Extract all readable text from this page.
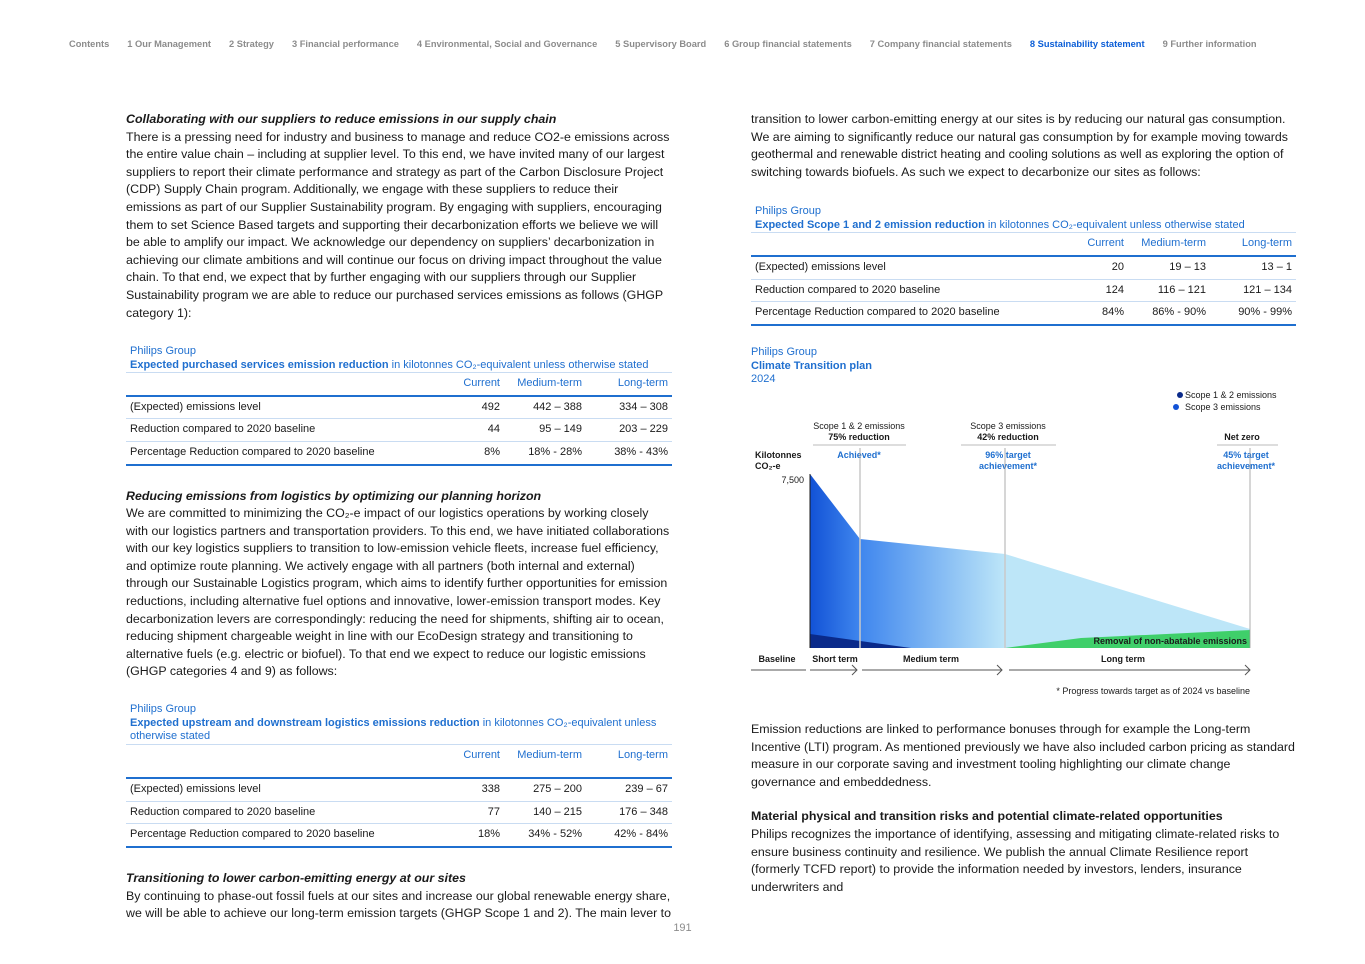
Contents 1 Our Management 2 Strategy 3 Financial performance 4 Environmental, Social and Governance 5 Supervisory Board 6 Group financial statements 7 Company financial statements 8 Sustainability statement 9 Further information
Collaborating with our suppliers to reduce emissions in our supply chain

There is a pressing need for industry and business to manage and reduce CO2-e emissions across the entire value chain – including at supplier level. To this end, we have invited many of our largest suppliers to report their climate performance and strategy as part of the Carbon Disclosure Project (CDP) Supply Chain program. Additionally, we engage with these suppliers to reduce their emissions as part of our Supplier Sustainability program. By engaging with suppliers, encouraging them to set Science Based targets and supporting their decarbonization efforts we believe we will be able to amplify our impact. We acknowledge our dependency on suppliers’ decarbonization in achieving our climate ambitions and will continue our focus on driving impact throughout the value chain. To that end, we expect that by further engaging with our suppliers through our Supplier Sustainability program we are able to reduce our purchased services emissions as follows (GHGP category 1):

Philips Group
Expected purchased services emission reduction in kilotonnes CO₂-equivalent unless otherwise stated
	Current	Medium-term	Long-term
(Expected) emissions level	492	442 – 388	334 – 308
Reduction compared to 2020 baseline	44	95 – 149	203 – 229
Percentage Reduction compared to 2020 baseline	8%	18% - 28%	38% - 43%
Reducing emissions from logistics by optimizing our planning horizon

We are committed to minimizing the CO₂-e impact of our logistics operations by working closely with our logistics partners and transportation providers. To this end, we have initiated collaborations with our key logistics suppliers to transition to low-emission vehicle fleets, increase fuel efficiency, and optimize route planning. We actively engage with all partners (both internal and external) through our Sustainable Logistics program, which aims to identify further opportunities for emission reductions, including alternative fuel options and innovative, lower-emission transport modes. Key decarbonization levers are correspondingly: reducing the need for shipments, shifting air to ocean, reducing shipment chargeable weight in line with our EcoDesign strategy and transitioning to alternative fuels (e.g. electric or biofuel). To that end we expect to reduce our logistic emissions (GHGP categories 4 and 9) as follows:

Philips Group
Expected upstream and downstream logistics emissions reduction in kilotonnes CO₂-equivalent unless otherwise stated
	Current	Medium-term	Long-term

(Expected) emissions level	338	275 – 200	239 – 67
Reduction compared to 2020 baseline	77	140 – 215	176 – 348
Percentage Reduction compared to 2020 baseline	18%	34% - 52%	42% - 84%
Transitioning to lower carbon-emitting energy at our sites

By continuing to phase-out fossil fuels at our sites and increase our global renewable energy share, we will be able to achieve our long-term emission targets (GHGP Scope 1 and 2). The main lever to

transition to lower carbon-emitting energy at our sites is by reducing our natural gas consumption. We are aiming to significantly reduce our natural gas consumption by for example moving towards geothermal and renewable district heating and cooling solutions as well as exploring the option of switching towards biofuels. As such we expect to decarbonize our sites as follows:

Philips Group
Expected Scope 1 and 2 emission reduction in kilotonnes CO₂-equivalent unless otherwise stated
	Current	Medium-term	Long-term
(Expected) emissions level	20	19 – 13	13 – 1
Reduction compared to 2020 baseline	124	116 – 121	121 – 134
Percentage Reduction compared to 2020 baseline	84%	86% - 90%	90% - 99%
Philips Group
Climate Transition plan
2024
Scope 1 & 2 emissions
Scope 3 emissions
Scope 1 & 2 emissions
75% reduction
Scope 3 emissions
42% reduction	Net zero
Achieved*	96% target
achievement*
45% target
achievement*
Kilotonnes
CO₂-e
7,500
Removal of non-abatable emissions
Baseline Short term	Medium term	Long term
* Progress towards target as of 2024 vs baseline

Emission reductions are linked to performance bonuses through for example the Long-term Incentive (LTI) program. As mentioned previously we have also included carbon pricing as standard measure in our corporate saving and investment tooling highlighting our climate change governance and embeddedness.

Material physical and transition risks and potential climate-related opportunities

Philips recognizes the importance of identifying, assessing and mitigating climate-related risks to ensure business continuity and resilience. We publish the annual Climate Resilience report (formerly TCFD report) to provide the information needed by investors, lenders, insurance underwriters and

191
